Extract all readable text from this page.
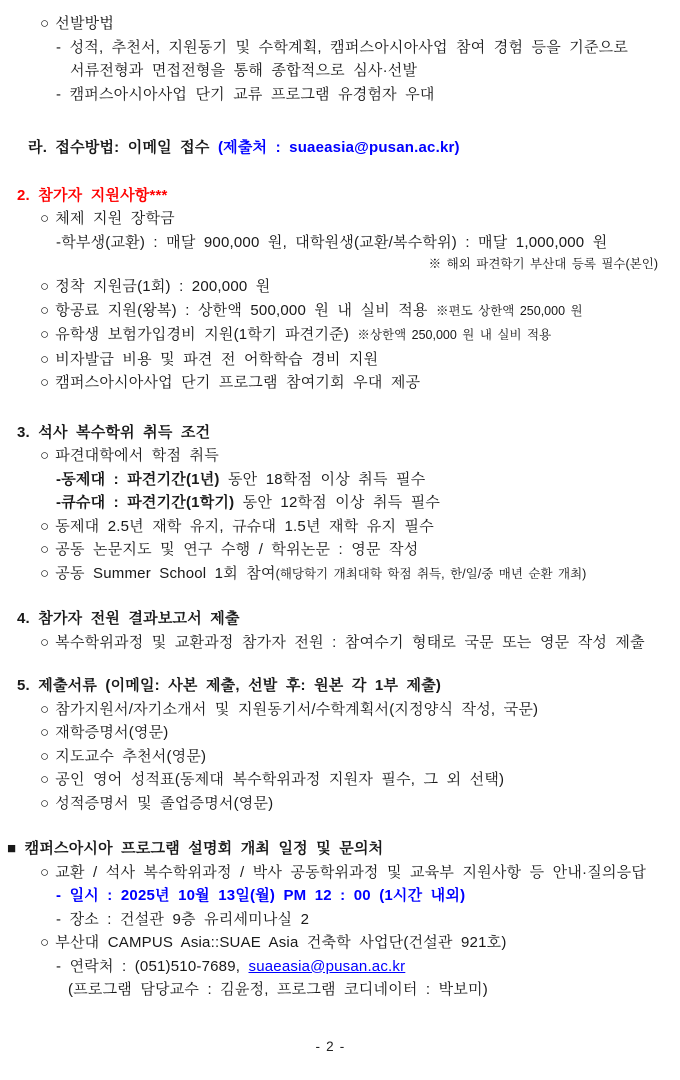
○ 선발방법
- 성적, 추천서, 지원동기 및 수학계획, 캠퍼스아시아사업 참여 경험 등을 기준으로
서류전형과 면접전형을 통해 종합적으로 심사·선발
- 캠퍼스아시아사업 단기 교류 프로그램 유경험자 우대
라. 접수방법: 이메일 접수 (제출처 : suaeasia@pusan.ac.kr)
2. 참가자 지원사항***
○ 체제 지원 장학금
-학부생(교환) : 매달 900,000 원, 대학원생(교환/복수학위) : 매달 1,000,000 원
※ 해외 파견학기 부산대 등록 필수(본인)
○ 정착 지원금(1회) : 200,000 원
○ 항공료 지원(왕복) : 상한액 500,000 원 내 실비 적용 ※편도 상한액 250,000 원
○ 유학생 보험가입경비 지원(1학기 파견기준) ※상한액 250,000 원 내 실비 적용
○ 비자발급 비용 및 파견 전 어학학습 경비 지원
○ 캠퍼스아시아사업 단기 프로그램 참여기회 우대 제공
3. 석사 복수학위 취득 조건
○ 파견대학에서 학점 취득
-동제대 : 파견기간(1년) 동안 18학점 이상 취득 필수
-큐슈대 : 파견기간(1학기) 동안 12학점 이상 취득 필수
○ 동제대 2.5년 재학 유지, 규슈대 1.5년 재학 유지 필수
○ 공동 논문지도 및 연구 수행 / 학위논문 : 영문 작성
○ 공동 Summer School 1회 참여(해당학기 개최대학 학점 취득, 한/일/중 매년 순환 개최)
4. 참가자 전원 결과보고서 제출
○ 복수학위과정 및 교환과정 참가자 전원 : 참여수기 형태로 국문 또는 영문 작성 제출
5. 제출서류 (이메일: 사본 제출, 선발 후: 원본 각 1부 제출)
○ 참가지원서/자기소개서 및 지원동기서/수학계획서(지정양식 작성, 국문)
○ 재학증명서(영문)
○ 지도교수 추천서(영문)
○ 공인 영어 성적표(동제대 복수학위과정 지원자 필수, 그 외 선택)
○ 성적증명서 및 졸업증명서(영문)
■ 캠퍼스아시아 프로그램 설명회 개최 일정 및 문의처
○ 교환 / 석사 복수학위과정 / 박사 공동학위과정 및 교육부 지원사항 등 안내·질의응답
- 일시 : 2025년 10월 13일(월) PM 12 : 00 (1시간 내외)
- 장소 : 건설관 9층 유리세미나실 2
○ 부산대 CAMPUS Asia::SUAE Asia 건축학 사업단(건설관 921호)
- 연락처 : (051)510-7689, suaeasia@pusan.ac.kr
(프로그램 담당교수 : 김윤정, 프로그램 코디네이터 : 박보미)
- 2 -
